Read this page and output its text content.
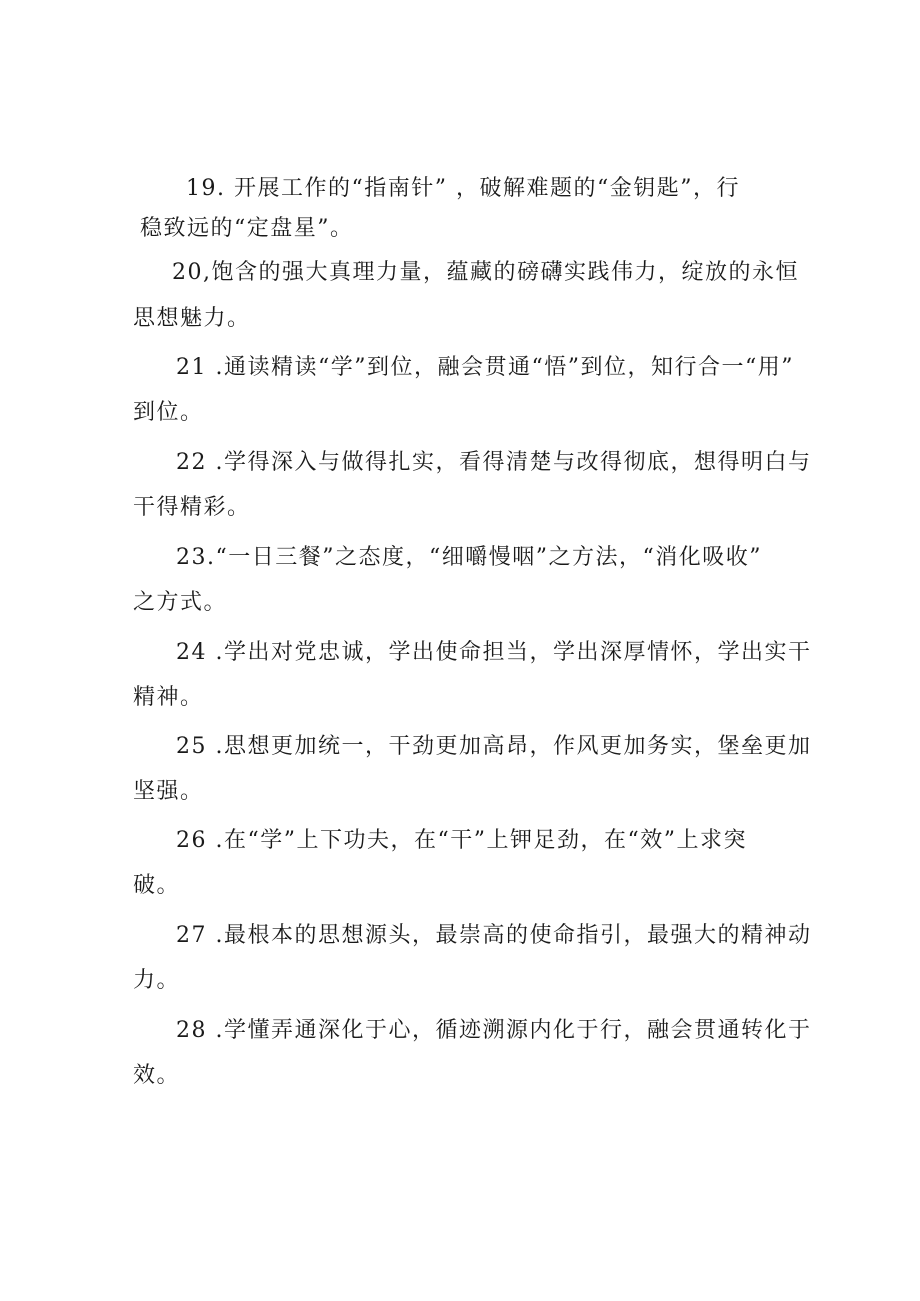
19. 开展工作的“指南针” ，破解难题的“金钥匙”，行
稳致远的“定盘星”。
20,饱含的强大真理力量，蕴藏的磅礴实践伟力，绽放的永恒
思想魅力。
21 .通读精读“学”到位，融会贯通“悟”到位，知行合一“用”
到位。
22 .学得深入与做得扎实，看得清楚与改得彻底，想得明白与
干得精彩。
23.“一日三餐”之态度，“细嚼慢咽”之方法，“消化吸收”
之方式。
24 .学出对党忠诚，学出使命担当，学出深厚情怀，学出实干
精神。
25 .思想更加统一，干劲更加高昂，作风更加务实，堡垒更加
坚强。
26 .在“学”上下功夫，在“干”上钾足劲，在“效”上求突
破。
27 .最根本的思想源头，最崇高的使命指引，最强大的精神动
力。
28 .学懂弄通深化于心，循迹溯源内化于行，融会贯通转化于
效。
